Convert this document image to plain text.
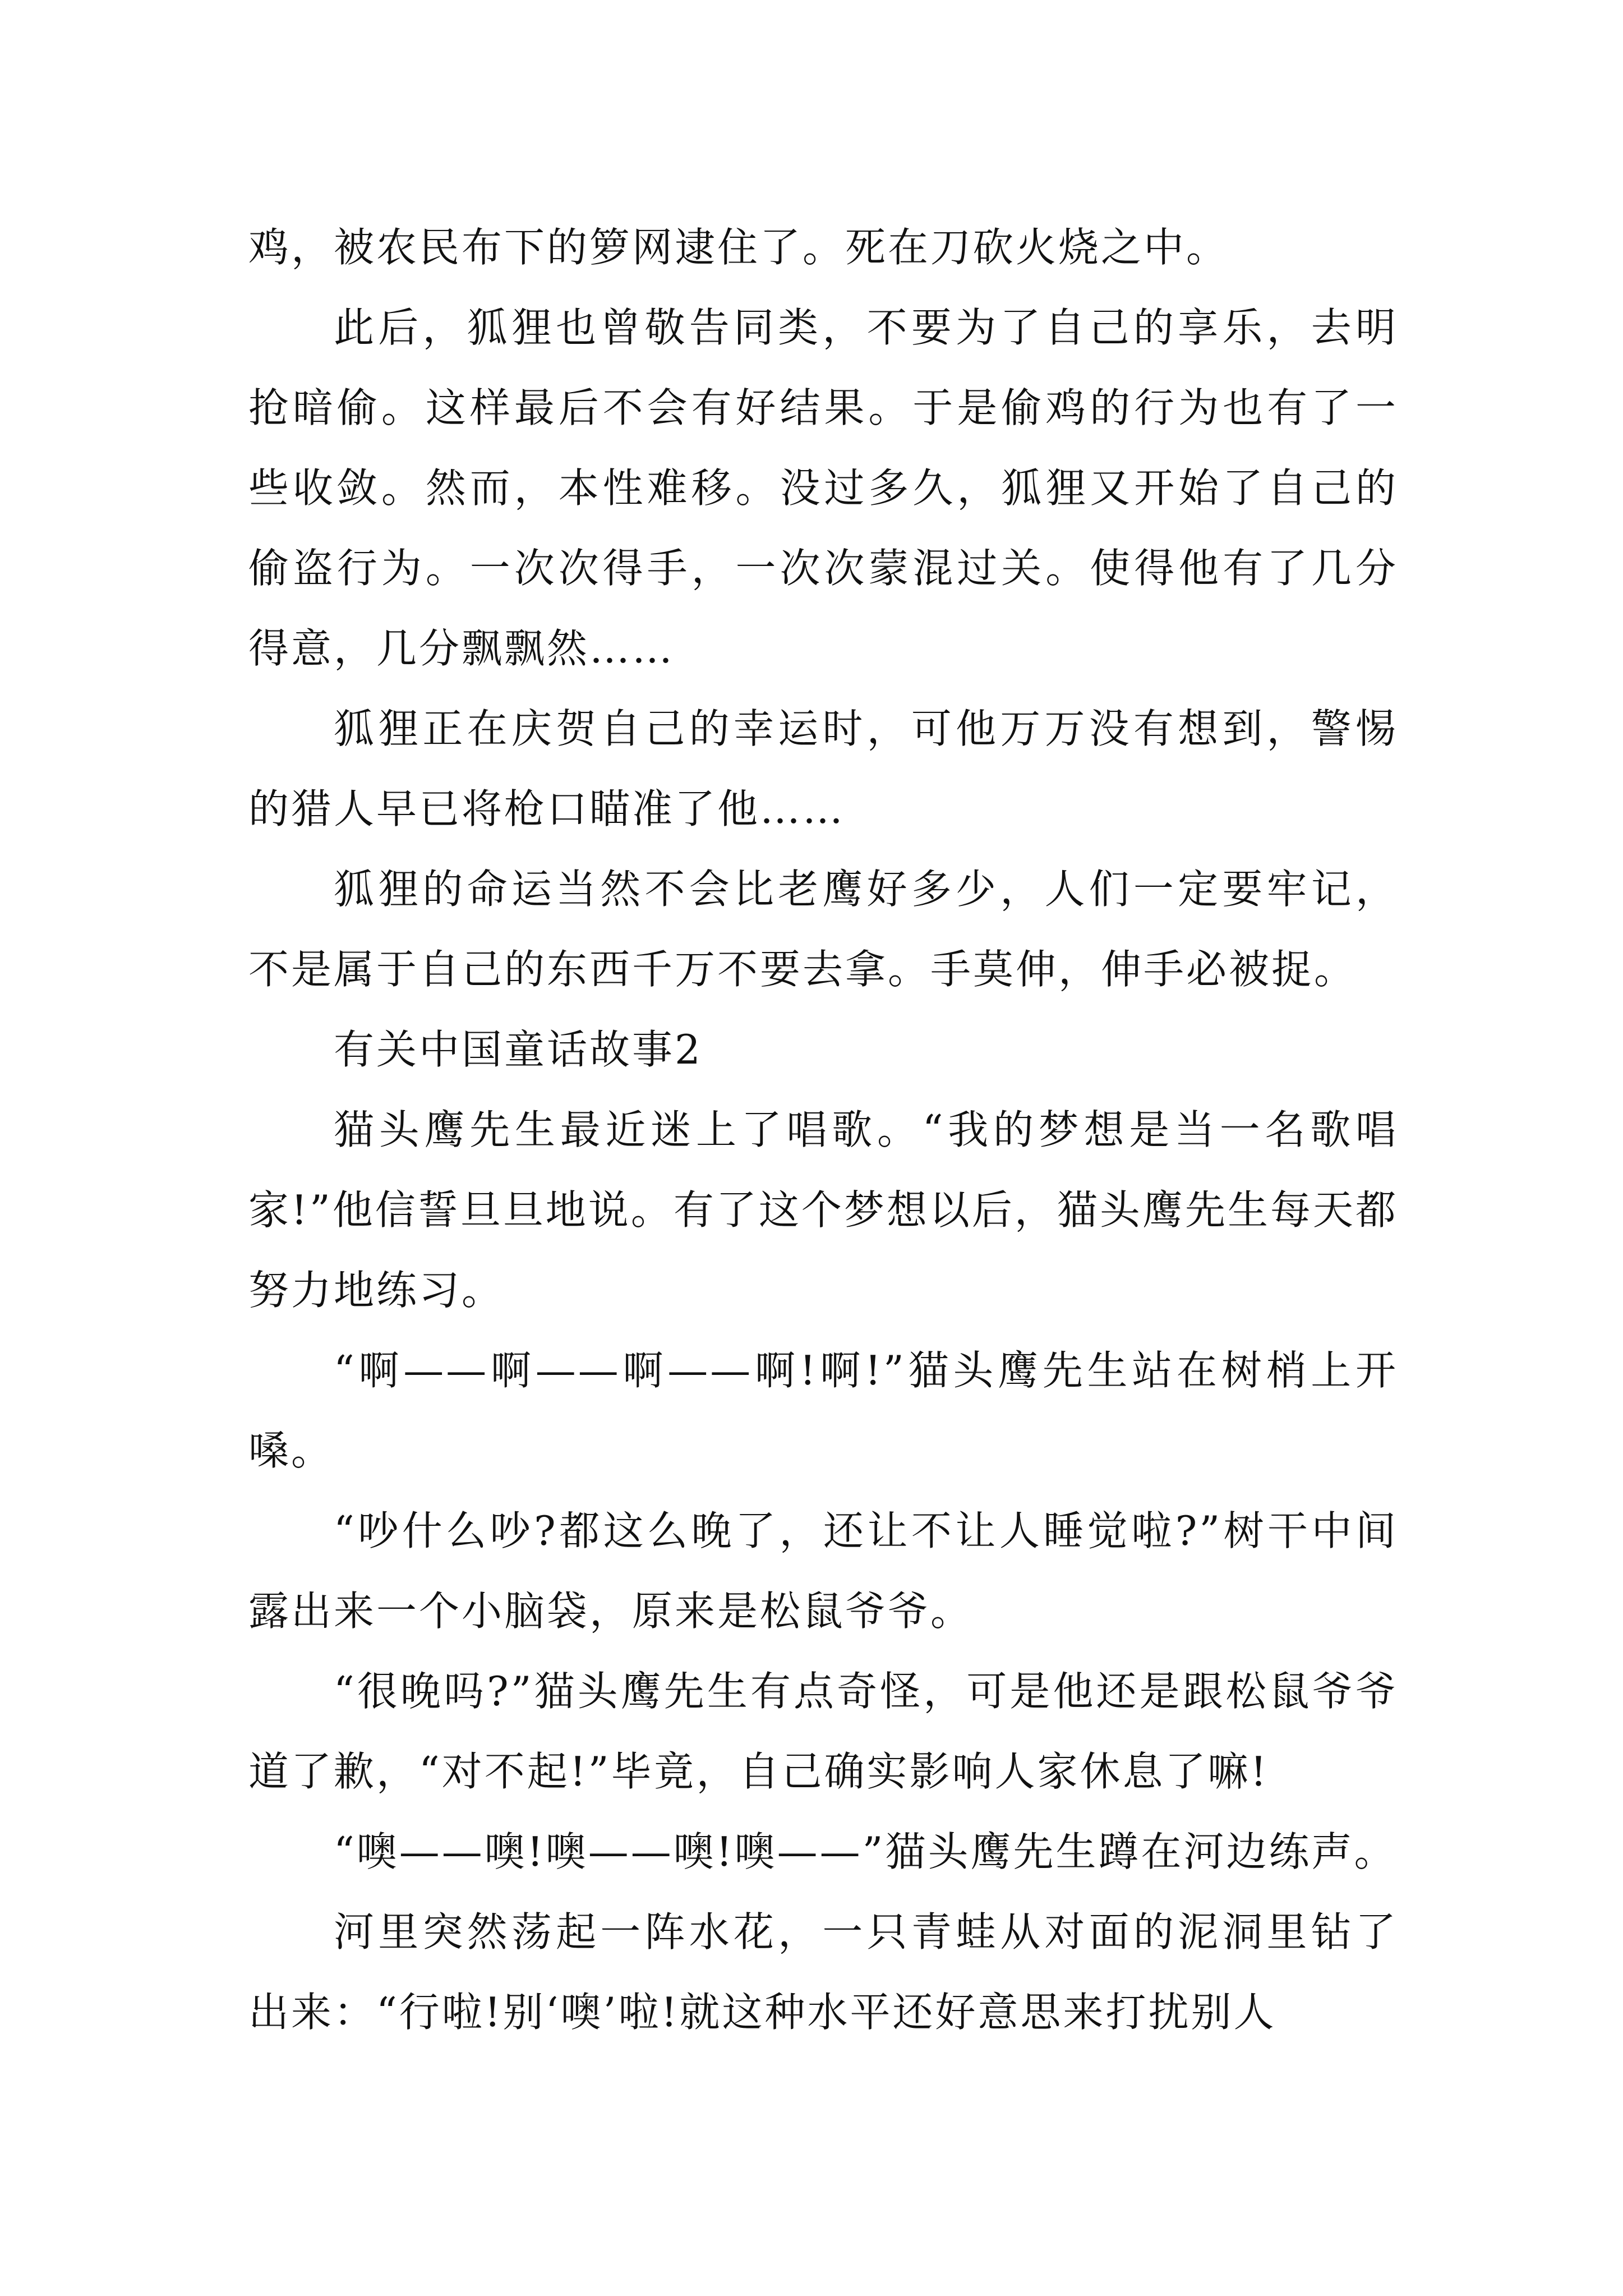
鸡，被农民布下的箩网逮住了。死在刀砍火烧之中。

此后，狐狸也曾敬告同类，不要为了自己的享乐，去明抢暗偷。这样最后不会有好结果。于是偷鸡的行为也有了一些收敛。然而，本性难移。没过多久，狐狸又开始了自己的偷盗行为。一次次得手，一次次蒙混过关。使得他有了几分得意，几分飘飘然……

狐狸正在庆贺自己的幸运时，可他万万没有想到，警惕的猎人早已将枪口瞄准了他……

狐狸的命运当然不会比老鹰好多少，人们一定要牢记，不是属于自己的东西千万不要去拿。手莫伸，伸手必被捉。

有关中国童话故事2

猫头鹰先生最近迷上了唱歌。“我的梦想是当一名歌唱家!”他信誓旦旦地说。有了这个梦想以后，猫头鹰先生每天都努力地练习。

“啊——啊——啊——啊!啊!”猫头鹰先生站在树梢上开嗓。

“吵什么吵?都这么晚了，还让不让人睡觉啦?”树干中间露出来一个小脑袋，原来是松鼠爷爷。

“很晚吗?”猫头鹰先生有点奇怪，可是他还是跟松鼠爷爷道了歉，“对不起!”毕竟，自己确实影响人家休息了嘛!

“噢——噢!噢——噢!噢——”猫头鹰先生蹲在河边练声。

河里突然荡起一阵水花，一只青蛙从对面的泥洞里钻了出来：“行啦!别‘噢’啦!就这种水平还好意思来打扰别人
